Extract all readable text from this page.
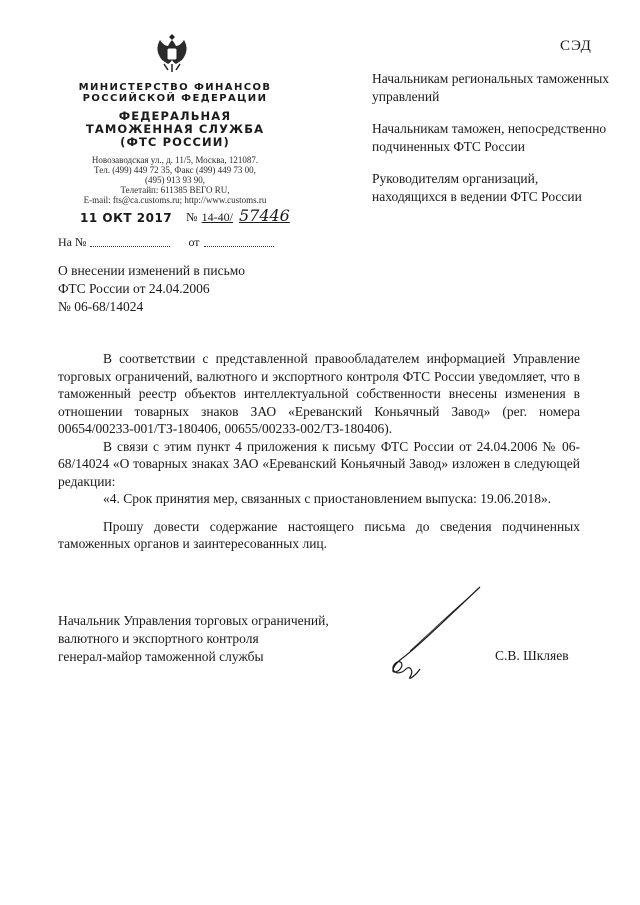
СЭД
МИНИСТЕРСТВО ФИНАНСОВ
РОССИЙСКОЙ ФЕДЕРАЦИИ
ФЕДЕРАЛЬНАЯ
ТАМОЖЕННАЯ СЛУЖБА
(ФТС РОССИИ)
Новозаводская ул., д. 11/5, Москва, 121087.
Тел. (499) 449 72 35, Факс (499) 449 73 00,
(495) 913 93 90,
Телетайп: 611385 ВЕГО RU,
E-mail: fts@ca.customs.ru; http://www.customs.ru
11 ОКТ 2017 № 14-40/ 57446
На №	от
Начальникам региональных таможенных управлений
Начальникам таможен, непосредственно подчиненных ФТС России
Руководителям организаций, находящихся в ведении ФТС России
О внесении изменений в письмо
ФТС России от 24.04.2006
№ 06-68/14024

В соответствии с представленной правообладателем информацией Управление торговых ограничений, валютного и экспортного контроля ФТС России уведомляет, что в таможенный реестр объектов интеллектуальной собственности внесены изменения в отношении товарных знаков ЗАО «Ереванский Коньячный Завод» (рег. номера 00654/00233-001/ТЗ-180406, 00655/00233-002/ТЗ-180406).

В связи с этим пункт 4 приложения к письму ФТС России от 24.04.2006 № 06-68/14024 «О товарных знаках ЗАО «Ереванский Коньячный Завод» изложен в следующей редакции:

«4. Срок принятия мер, связанных с приостановлением выпуска: 19.06.2018».

Прошу довести содержание настоящего письма до сведения подчиненных таможенных органов и заинтересованных лиц.

Начальник Управления торговых ограничений,
валютного и экспортного контроля
генерал-майор таможенной службы	С.В. Шкляев
